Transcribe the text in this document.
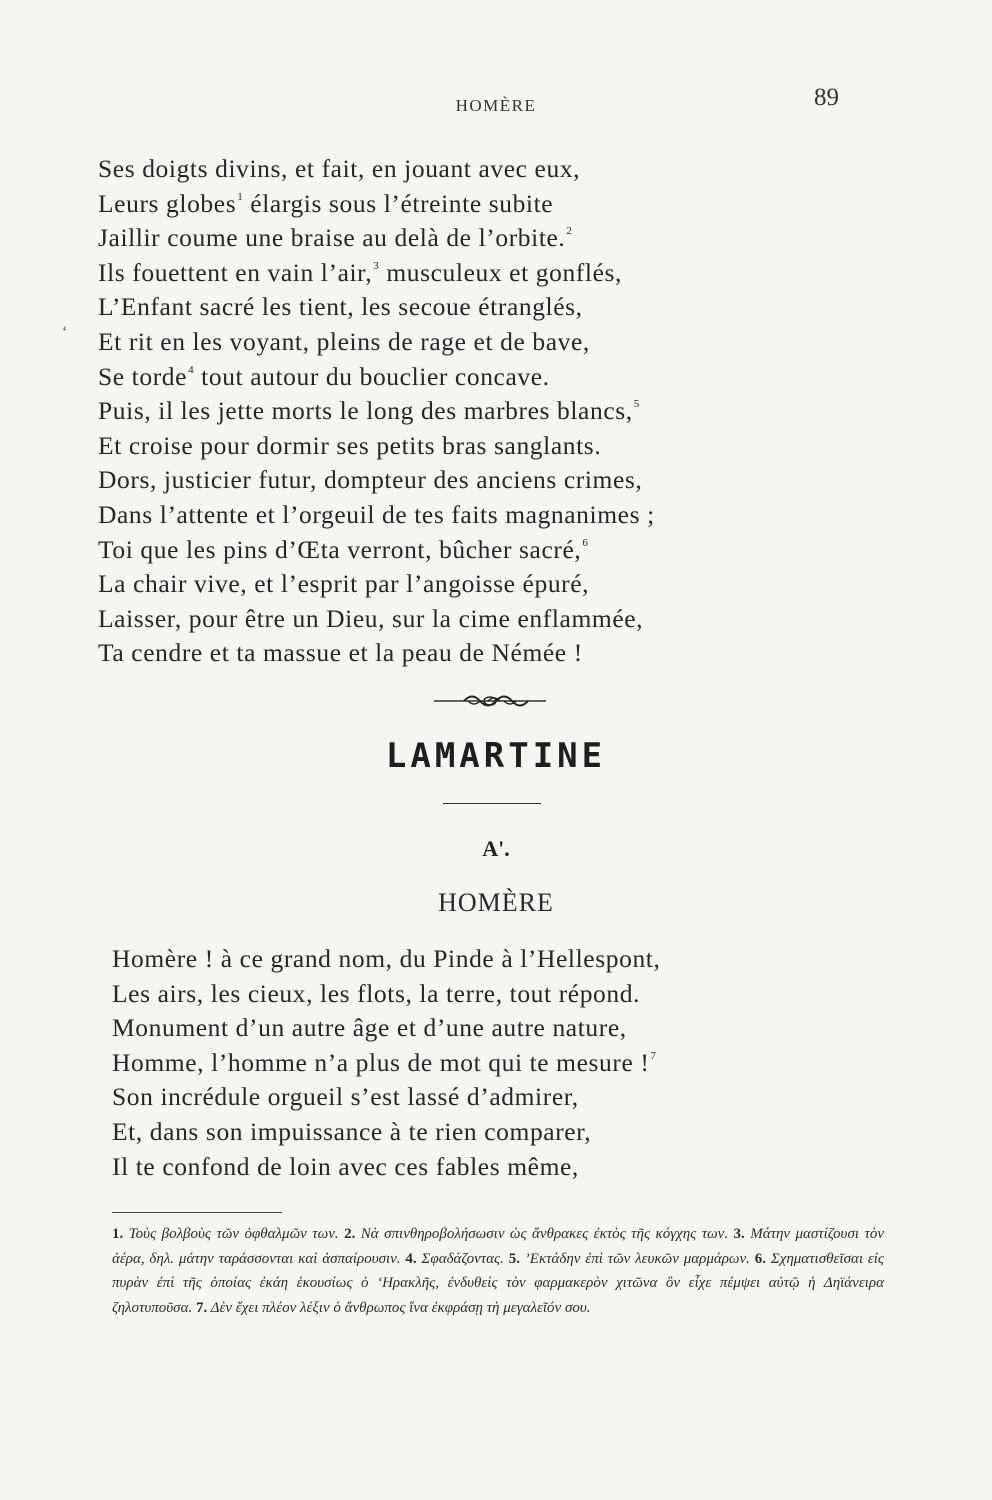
HOMÈRE	89
‘
Ses doigts divins, et fait, en jouant avec eux,
Leurs globes$^1$ élargis sous l’étreinte subite
Jaillir coume une braise au delà de l’orbite.$^2$
Ils fouettent en vain l’air,$^3$ musculeux et gonflés,
L’Enfant sacré les tient, les secoue étranglés,
Et rit en les voyant, pleins de rage et de bave,
Se torde$^4$ tout autour du bouclier concave.
Puis, il les jette morts le long des marbres blancs,$^5$
Et croise pour dormir ses petits bras sanglants.
Dors, justicier futur, dompteur des anciens crimes,
Dans l’attente et l’orgeuil de tes faits magnanimes ;
Toi que les pins d’Œta verront, bûcher sacré,$^6$
La chair vive, et l’esprit par l’angoisse épuré,
Laisser, pour être un Dieu, sur la cime enflammée,
Ta cendre et ta massue et la peau de Némée !
LAMARTINE
Α'.
HOMÈRE
Homère ! à ce grand nom, du Pinde à l’Hellespont,
Les airs, les cieux, les flots, la terre, tout répond.
Monument d’un autre âge et d’une autre nature,
Homme, l’homme n’a plus de mot qui te mesure !$^7$
Son incrédule orgueil s’est lassé d’admirer,
Et, dans son impuissance à te rien comparer,
Il te confond de loin avec ces fables même,
1. Τοὺς βολβοὺς τῶν ὀφθαλμῶν των. 2. Νὰ σπινθηροβολήσωσιν ὡς ἄνθρακες ἐκτὸς τῆς κόγχης των. 3. Μάτην μαστίζουσι τὸν ἀέρα, δηλ. μάτην ταράσσονται καὶ ἀσπαίρουσιν. 4. Σφαδάζοντας. 5. ’Εκτάδην ἐπὶ τῶν λευκῶν μαρμάρων. 6. Σχηματισθεῖσαι εἰς πυρὰν ἐπὶ τῆς ὁποίας ἐκάη ἑκουσίως ὁ ‘Ηρακλῆς, ἐνδυθεὶς τὸν φαρμακερὸν χιτῶνα ὃν εἶχε πέμψει αὐτῷ ἡ Δηϊάνειρα ζηλοτυποῦσα. 7. Δὲν ἔχει πλέον λέξιν ὁ ἄνθρωπος ἵνα ἐκφράσῃ τὴ μεγαλεῖόν σου.
